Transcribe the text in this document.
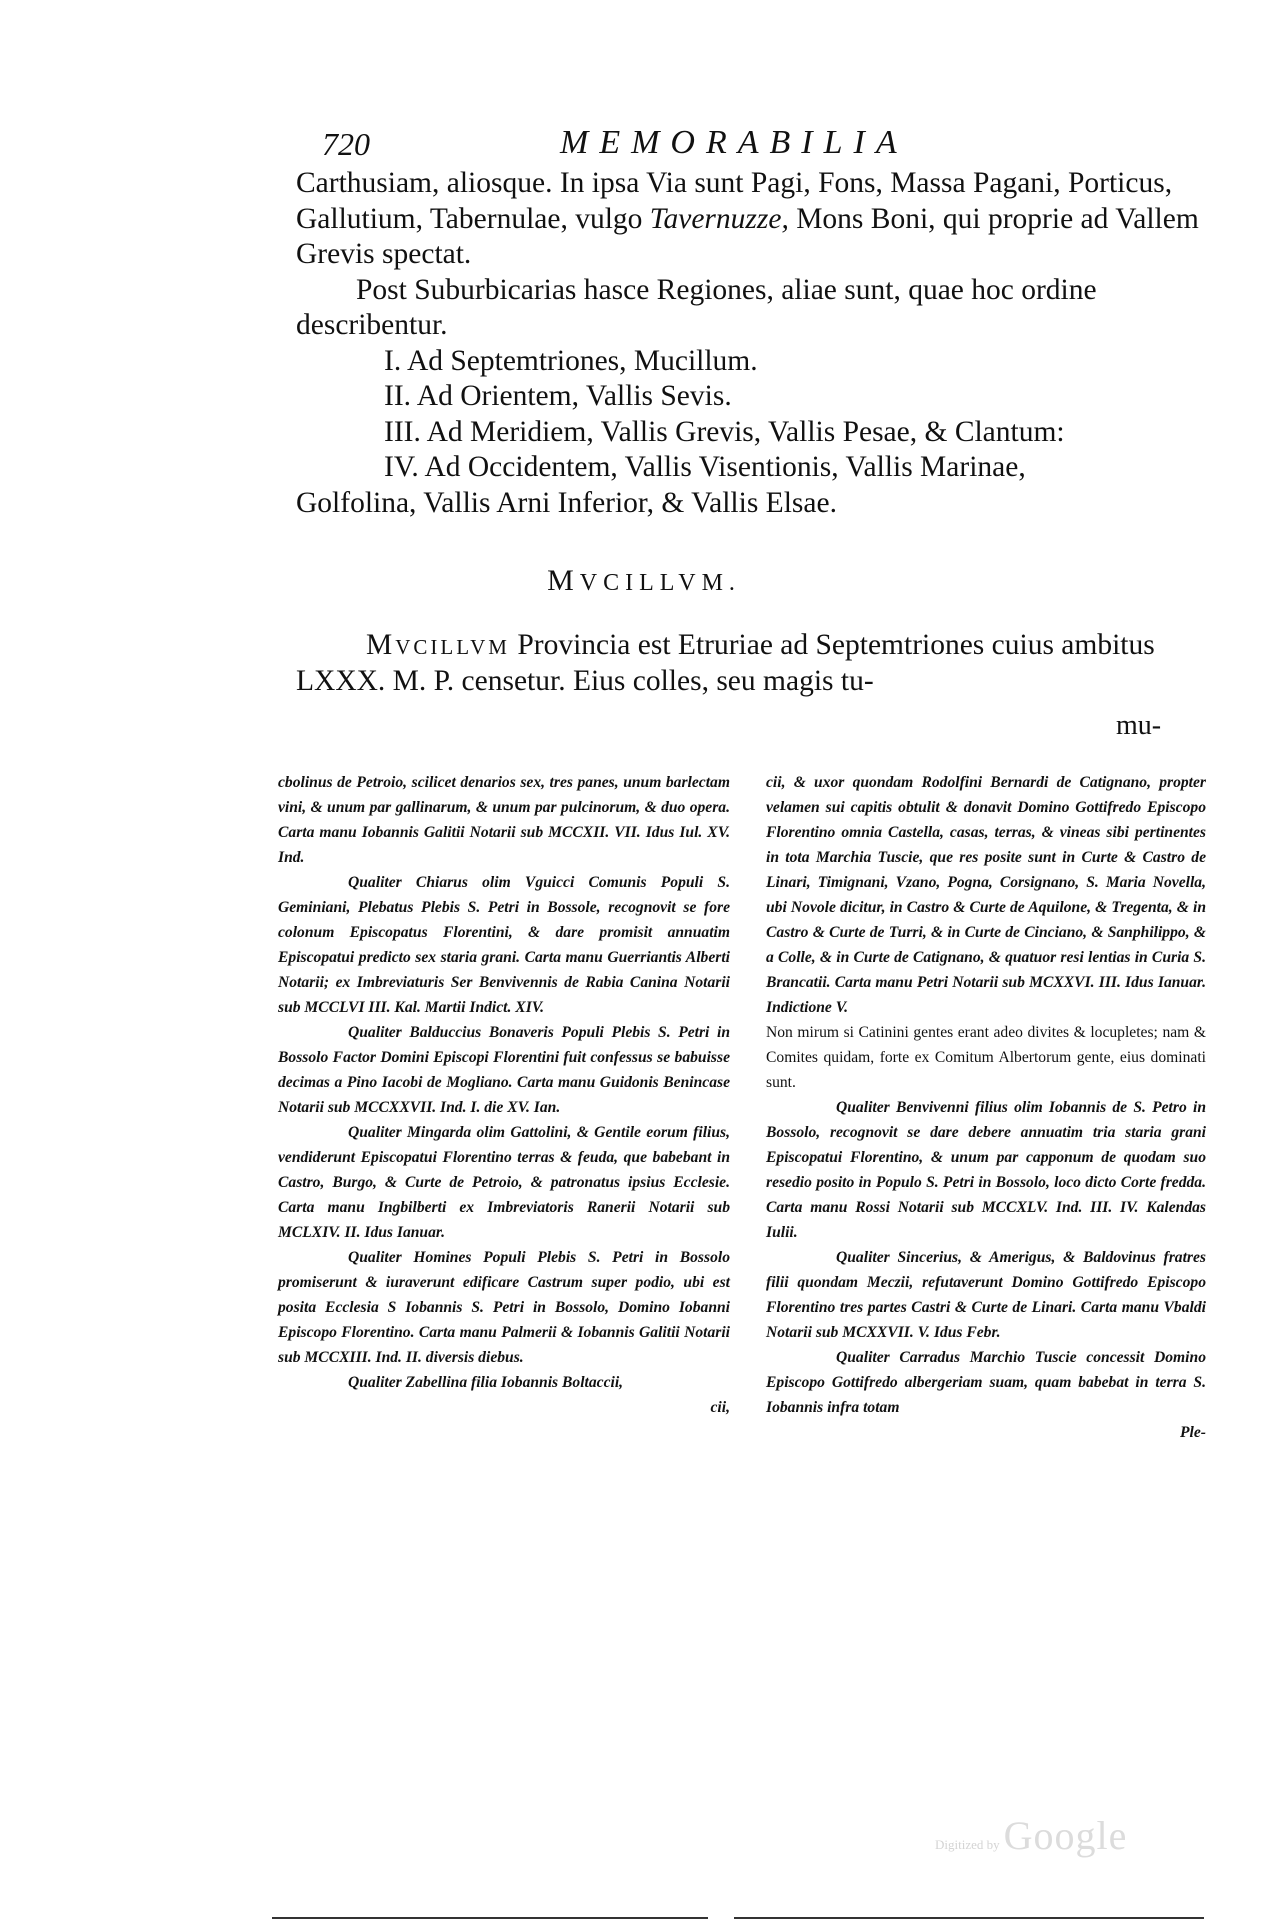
720	MEMORABILIA

Carthusiam, aliosque. In ipsa Via sunt Pagi, Fons, Massa Pagani, Porticus, Gallutium, Tabernulae, vulgo Tavernuzze, Mons Boni, qui proprie ad Vallem Grevis spectat.

Post Suburbicarias hasce Regiones, aliae sunt, quae hoc ordine describentur.

I. Ad Septemtriones, Mucillum.

II. Ad Orientem, Vallis Sevis.

III. Ad Meridiem, Vallis Grevis, Vallis Pesae, & Clantum:

IV. Ad Occidentem, Vallis Visentionis, Vallis Marinae,

Golfolina, Vallis Arni Inferior, & Vallis Elsae.

MVCILLVM.
Mvcillvm Provincia est Etruriae ad Septemtriones cuius ambitus LXXX. M. P. censetur. Eius colles, seu magis tu-
mu-

cbolinus de Petroio, scilicet denarios sex, tres panes, unum barlectam vini, & unum par gallinarum, & unum par pulcinorum, & duo opera. Carta manu Iobannis Galitii Notarii sub MCCXII. VII. Idus Iul. XV. Ind.

Qualiter Chiarus olim Vguicci Comunis Populi S. Geminiani, Plebatus Plebis S. Petri in Bossole, recognovit se fore colonum Episcopatus Florentini, & dare promisit annuatim Episcopatui predicto sex staria grani. Carta manu Guerriantis Alberti Notarii; ex Imbreviaturis Ser Benvivennis de Rabia Canina Notarii sub MCCLVI III. Kal. Martii Indict. XIV.

Qualiter Balduccius Bonaveris Populi Plebis S. Petri in Bossolo Factor Domini Episcopi Florentini fuit confessus se babuisse decimas a Pino Iacobi de Mogliano. Carta manu Guidonis Benincase Notarii sub MCCXXVII. Ind. I. die XV. Ian.

Qualiter Mingarda olim Gattolini, & Gentile eorum filius, vendiderunt Episcopatui Florentino terras & feuda, que babebant in Castro, Burgo, & Curte de Petroio, & patronatus ipsius Ecclesie. Carta manu Ingbilberti ex Imbreviatoris Ranerii Notarii sub MCLXIV. II. Idus Ianuar.

Qualiter Homines Populi Plebis S. Petri in Bossolo promiserunt & iuraverunt edificare Castrum super podio, ubi est posita Ecclesia S Iobannis S. Petri in Bossolo, Domino Iobanni Episcopo Florentino. Carta manu Palmerii & Iobannis Galitii Notarii sub MCCXIII. Ind. II. diversis diebus.

Qualiter Zabellina filia Iobannis Boltaccii,

cii,

cii, & uxor quondam Rodolfini Bernardi de Catignano, propter velamen sui capitis obtulit & donavit Domino Gottifredo Episcopo Florentino omnia Castella, casas, terras, & vineas sibi pertinentes in tota Marchia Tuscie, que res posite sunt in Curte & Castro de Linari, Timignani, Vzano, Pogna, Corsignano, S. Maria Novella, ubi Novole dicitur, in Castro & Curte de Aquilone, & Tregenta, & in Castro & Curte de Turri, & in Curte de Cinciano, & Sanphilippo, & a Colle, & in Curte de Catignano, & quatuor resi lentias in Curia S. Brancatii. Carta manu Petri Notarii sub MCXXVI. III. Idus Ianuar. Indictione V.

Non mirum si Catinini gentes erant adeo divites & locupletes; nam & Comites quidam, forte ex Comitum Albertorum gente, eius dominati sunt.

Qualiter Benvivenni filius olim Iobannis de S. Petro in Bossolo, recognovit se dare debere annuatim tria staria grani Episcopatui Florentino, & unum par capponum de quodam suo resedio posito in Populo S. Petri in Bossolo, loco dicto Corte fredda. Carta manu Rossi Notarii sub MCCXLV. Ind. III. IV. Kalendas Iulii.

Qualiter Sincerius, & Amerigus, & Baldovinus fratres filii quondam Meczii, refutaverunt Domino Gottifredo Episcopo Florentino tres partes Castri & Curte de Linari. Carta manu Vbaldi Notarii sub MCXXVII. V. Idus Febr.

Qualiter Carradus Marchio Tuscie concessit Domino Episcopo Gottifredo albergeriam suam, quam babebat in terra S. Iobannis infra totam

Ple-

Digitized by Google
